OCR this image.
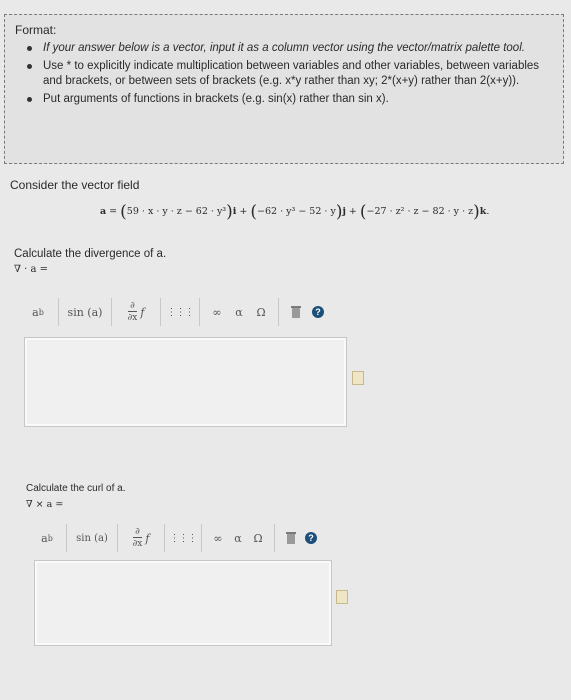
Format:
If your answer below is a vector, input it as a column vector using the vector/matrix palette tool.
Use * to explicitly indicate multiplication between variables and other variables, between variables and brackets, or between sets of brackets (e.g. x*y rather than xy; 2*(x+y) rather than 2(x+y)).
Put arguments of functions in brackets (e.g. sin(x) rather than sin x).
Consider the vector field
a = (59 · x · y · z − 62 · y³)i + (−62 · y³ − 52 · y)j + (−27 · z² · z − 82 · y · z)k.
Calculate the divergence of a.
∇ · a =
a b sin (a)	∂
∂x f ⋮⋮⋮	∞	α	Ω	?
Calculate the curl of a.
∇ × a =
a b	sin (a)
∂
∂x f ⋮⋮⋮	∞	α	Ω	?
